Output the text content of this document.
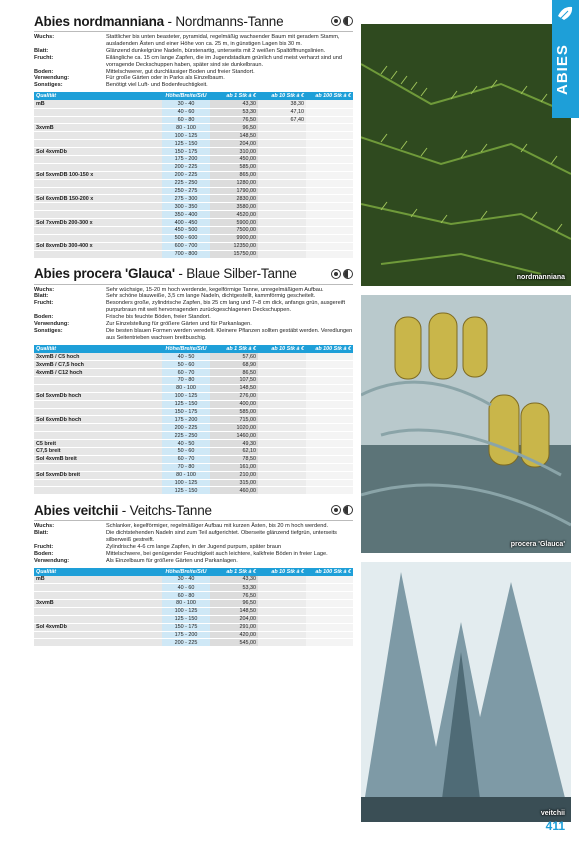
Abies nordmanniana - Nordmanns-Tanne
Wuchs:	Stattlicher bis unten beasteter, pyramidal, regelmäßig wachsender Baum mit geradem Stamm, ausladenden Ästen und einer Höhe von ca. 25 m, in günstigen Lagen bis 30 m.
Blatt:	Glänzend dunkelgrüne Nadeln, bürstenartig, unterseits mit 2 weißen Spaltöffnungslinien.
Frucht:	Eilängliche ca. 15 cm lange Zapfen, die im Jugendstadium grünlich und meist verharzt sind und vorragende Deckschuppen haben, später sind sie dunkelbraun.
Boden:	Mittelschwerer, gut durchlässiger Boden und freier Standort.
Verwendung:	Für große Gärten oder in Parks als Einzelbaum.
Sonstiges:	Benötigt viel Luft- und Bodenfeuchtigkeit.
Qualität	Höhe/Breite/StU	ab 1 Stk à €	ab 10 Stk à €	ab 100 Stk à €
mB	30 - 40	43,30	38,30	
	40 - 60	53,30	47,10	
	60 - 80	76,50	67,40	
3xvmB	80 - 100	96,50		
	100 - 125	148,50		
	125 - 150	204,00		
Sol 4xvmDb	150 - 175	310,00		
	175 - 200	450,00		
	200 - 225	585,00		
Sol 5xvmDB 100-150 x	200 - 225	865,00		
	225 - 250	1280,00		
	250 - 275	1790,00		
Sol 6xvmDB 150-200 x	275 - 300	2830,00		
	300 - 350	3580,00		
	350 - 400	4520,00		
Sol 7xvmDb 200-300 x	400 - 450	5900,00		
	450 - 500	7500,00		
	500 - 600	9900,00		
Sol 8xvmDb 300-400 x	600 - 700	12350,00		
	700 - 800	15750,00		
Abies procera 'Glauca' - Blaue Silber-Tanne
Wuchs:	Sehr wüchsige, 15-20 m hoch werdende, kegelförmige Tanne, unregelmäßigem Aufbau.
Blatt:	Sehr schöne blauweiße, 3,5 cm lange Nadeln, dichtgestellt, kammförmig gescheitelt.
Frucht:	Besonders große, zylindrische Zapfen, bis 25 cm lang und 7–8 cm dick, anfangs grün, ausgereift purpurbraun mit weit hervorragenden zurückgeschlagenen Deckschuppen.
Boden:	Frische bis feuchte Böden, freier Standort.
Verwendung:	Zur Einzelstellung für größere Gärten und für Parkanlagen.
Sonstiges:	Die besten blauen Formen werden veredelt. Kleinere Pflanzen sollten gestäbt werden. Veredlungen aus Seitentrieben wachsen breitbuschig.
Qualität	Höhe/Breite/StU	ab 1 Stk à €	ab 10 Stk à €	ab 100 Stk à €
3xvmB / C5 hoch	40 - 50	57,60		
3xvmB / C7,5 hoch	50 - 60	68,90		
4xvmB / C12 hoch	60 - 70	86,50		
	70 - 80	107,50		
	80 - 100	148,50		
Sol 5xvmDb hoch	100 - 125	276,00		
	125 - 150	400,00		
	150 - 175	585,00		
Sol 6xvmDb hoch	175 - 200	715,00		
	200 - 225	1020,00		
	225 - 250	1460,00		
C5 breit	40 - 50	49,30		
C7,5 breit	50 - 60	62,10		
Sol 4xvmB breit	60 - 70	78,50		
	70 - 80	161,00		
Sol 5xvmDb breit	80 - 100	210,00		
	100 - 125	315,00		
	125 - 150	460,00		
Abies veitchii - Veitchs-Tanne
Wuchs:	Schlanker, kegelförmiger, regelmäßiger Aufbau mit kurzen Ästen, bis 20 m hoch werdend.
Blatt:	Die dichtstehenden Nadeln sind zum Teil aufgerichtet. Oberseite glänzend tiefgrün, unterseits silberweiß gestreift.
Frucht:	Zylindrische 4-6 cm lange Zapfen, in der Jugend purpurn, später braun
Boden:	Mittelschwere, bei genügender Feuchtigkeit auch leichtere, kalkfreie Böden in freier Lage.
Verwendung:	Als Einzelbaum für größere Gärten und Parkanlagen.
Qualität	Höhe/Breite/StU	ab 1 Stk à €	ab 10 Stk à €	ab 100 Stk à €
mB	30 - 40	43,30		
	40 - 60	53,30		
	60 - 80	76,50		
3xvmB	80 - 100	96,50		
	100 - 125	148,50		
	125 - 150	204,00		
Sol 4xvmDb	150 - 175	291,00		
	175 - 200	420,00		
	200 - 225	545,00		
nordmanniana
procera 'Glauca'
veitchii
ABIES
411
